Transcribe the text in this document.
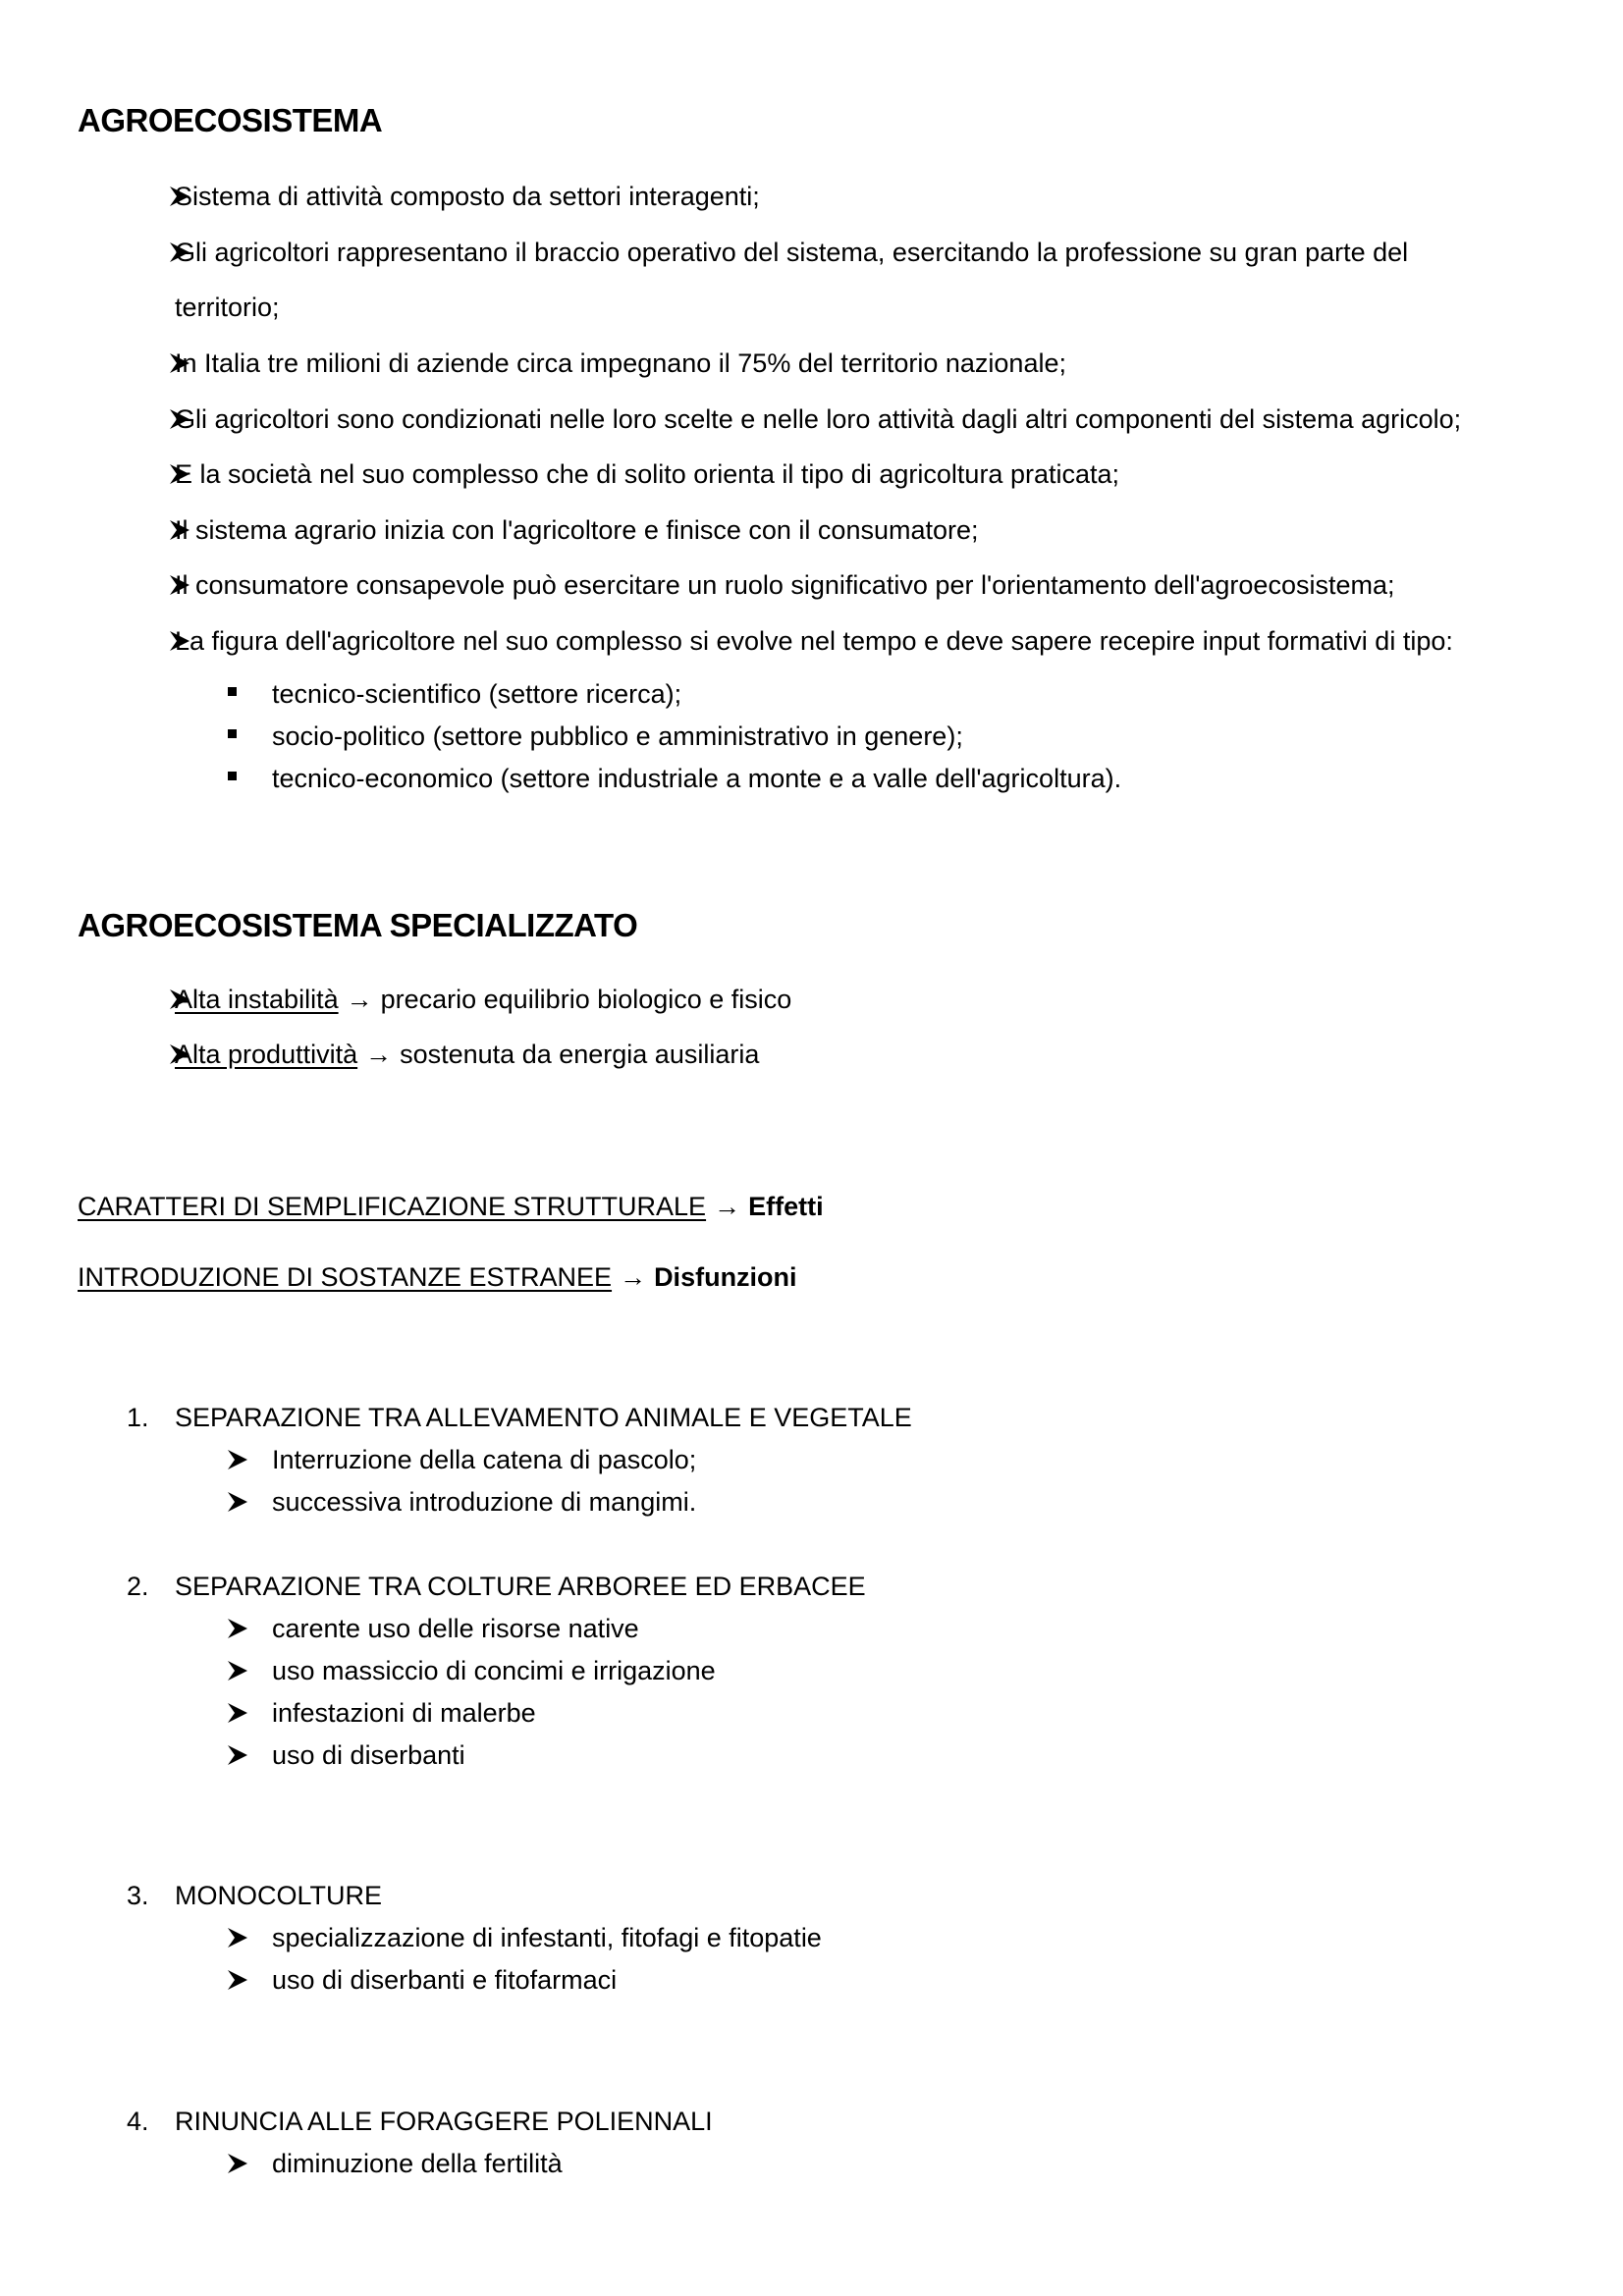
AGROECOSISTEMA
Sistema di attività composto da settori interagenti;
Gli agricoltori rappresentano il braccio operativo del sistema, esercitando la professione su gran parte del
territorio;
In Italia tre milioni di aziende circa impegnano il 75% del territorio nazionale;
Gli agricoltori sono condizionati nelle loro scelte e nelle loro attività dagli altri componenti del sistema agricolo;
E la società nel suo complesso che di solito orienta il tipo di agricoltura praticata;
Il sistema agrario inizia con l'agricoltore e finisce con il consumatore;
Il consumatore consapevole può esercitare un ruolo significativo per l'orientamento dell'agroecosistema;
La figura dell'agricoltore nel suo complesso si evolve nel tempo e deve sapere recepire input formativi di tipo:
tecnico-scientifico (settore ricerca);
socio-politico (settore pubblico e amministrativo in genere);
tecnico-economico (settore industriale a monte e a valle dell'agricoltura).
AGROECOSISTEMA SPECIALIZZATO
Alta instabilità → precario equilibrio biologico e fisico
Alta produttività → sostenuta da energia ausiliaria
CARATTERI DI SEMPLIFICAZIONE STRUTTURALE → Effetti
INTRODUZIONE DI SOSTANZE ESTRANEE → Disfunzioni
1. SEPARAZIONE TRA ALLEVAMENTO ANIMALE E VEGETALE
Interruzione della catena di pascolo;
successiva introduzione di mangimi.
2. SEPARAZIONE TRA COLTURE ARBOREE ED ERBACEE
carente uso delle risorse native
uso massiccio di concimi e irrigazione
infestazioni di malerbe
uso di diserbanti
3. MONOCOLTURE
specializzazione di infestanti, fitofagi e fitopatie
uso di diserbanti e fitofarmaci
4. RINUNCIA ALLE FORAGGERE POLIENNALI
diminuzione della fertilità
